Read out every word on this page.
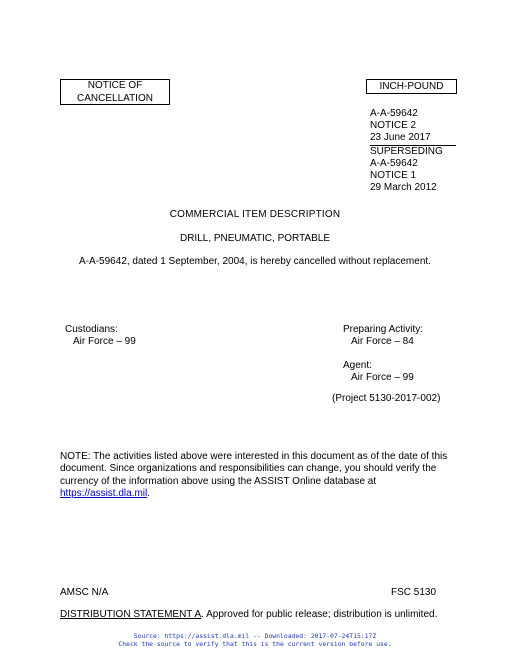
NOTICE OF
CANCELLATION
INCH-POUND
A-A-59642
NOTICE 2
23 June 2017
SUPERSEDING
A-A-59642
NOTICE 1
29 March 2012
COMMERCIAL ITEM DESCRIPTION
DRILL, PNEUMATIC, PORTABLE
A-A-59642, dated 1 September, 2004, is hereby cancelled without replacement.
Custodians:
Air Force – 99
Preparing Activity:
Air Force – 84
Agent:
Air Force – 99
(Project 5130-2017-002)
NOTE: The activities listed above were interested in this document as of the date of this document. Since organizations and responsibilities can change, you should verify the currency of the information above using the ASSIST Online database at https://assist.dla.mil.
AMSC N/A	FSC 5130
DISTRIBUTION STATEMENT A. Approved for public release; distribution is unlimited.
Source: https://assist.dla.mil -- Downloaded: 2017-07-24T15:17Z
Check the source to verify that this is the current version before use.
